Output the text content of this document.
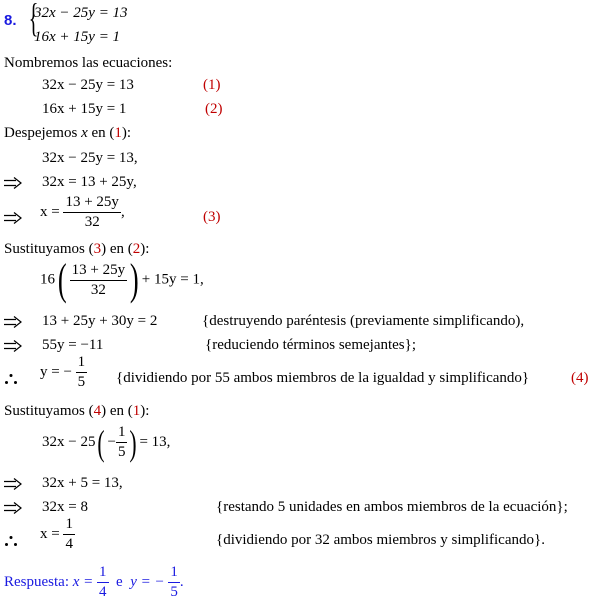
8. {
32x − 25y = 13
16x + 15y = 1
Nombremos las ecuaciones:
32x − 25y = 13	(1)
16x + 15y = 1	(2)
Despejemos x en (1):
32x − 25y = 13,
32x = 13 + 25y,
$x = \frac{13 + 25y}{32}$ ,	(3)
Sustituyamos (3) en (2):
$16( \frac{13 + 25y}{32}$ ) + 15y = 1,
13 + 25y + 30y = 2	{destruyendo paréntesis (previamente simplificando),
55y = −11	{reduciendo términos semejantes};
y = − $\frac{1}{5}$ {dividiendo por 55 ambos miembros de la igualdad y simplificando}	(4)
Sustituyamos (4) en (1):
$32x - 25( - \frac{1}{5}$ ) = 13,
32x + 5 = 13,
32x = 8	{restando 5 unidades en ambos miembros de la ecuación};
$x = \frac{1}{4}$	{dividiendo por 32 ambos miembros y simplificando}.
Respuesta: $x = \frac{1}{4}$ e y = − $\frac{1}{5}$ .
